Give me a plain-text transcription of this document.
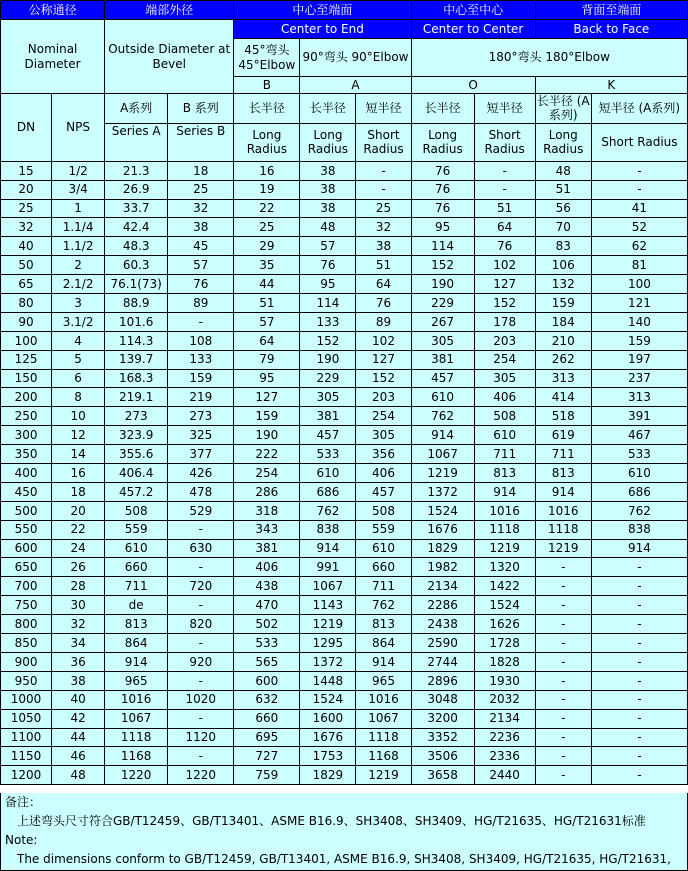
公称通径		端部外径		中心至端面			中心至中心		背面至端面	
Nominal Diameter		Outside Diameter at Bevel		Center to End			Center to Center		Back to Face	
				45°弯头 45°Elbow	90°弯头 90°Elbow		180°弯头 180°Elbow			
				B	A		O		K	
DN	NPS	A系列	B 系列	长半径	长半径	短半径	长半径	短半径	长半径 (A系列)	短半径 (A系列)
		Series A	Series B	Long Radius	Long Radius	Short Radius	Long Radius	Short Radius	Long Radius	Short Radius
15	1/2	21.3	18	16	38	-	76	-	48	-
20	3/4	26.9	25	19	38	-	76	-	51	-
25	1	33.7	32	22	38	25	76	51	56	41
32	1.1/4	42.4	38	25	48	32	95	64	70	52
40	1.1/2	48.3	45	29	57	38	114	76	83	62
50	2	60.3	57	35	76	51	152	102	106	81
65	2.1/2	76.1(73)	76	44	95	64	190	127	132	100
80	3	88.9	89	51	114	76	229	152	159	121
90	3.1/2	101.6	-	57	133	89	267	178	184	140
100	4	114.3	108	64	152	102	305	203	210	159
125	5	139.7	133	79	190	127	381	254	262	197
150	6	168.3	159	95	229	152	457	305	313	237
200	8	219.1	219	127	305	203	610	406	414	313
250	10	273	273	159	381	254	762	508	518	391
300	12	323.9	325	190	457	305	914	610	619	467
350	14	355.6	377	222	533	356	1067	711	711	533
400	16	406.4	426	254	610	406	1219	813	813	610
450	18	457.2	478	286	686	457	1372	914	914	686
500	20	508	529	318	762	508	1524	1016	1016	762
550	22	559	-	343	838	559	1676	1118	1118	838
600	24	610	630	381	914	610	1829	1219	1219	914
650	26	660	-	406	991	660	1982	1320	-	-
700	28	711	720	438	1067	711	2134	1422	-	-
750	30	de	-	470	1143	762	2286	1524	-	-
800	32	813	820	502	1219	813	2438	1626	-	-
850	34	864	-	533	1295	864	2590	1728	-	-
900	36	914	920	565	1372	914	2744	1828	-	-
950	38	965	-	600	1448	965	2896	1930	-	-
1000	40	1016	1020	632	1524	1016	3048	2032	-	-
1050	42	1067	-	660	1600	1067	3200	2134	-	-
1100	44	1118	1120	695	1676	1118	3352	2236	-	-
1150	46	1168	-	727	1753	1168	3506	2336	-	-
1200	48	1220	1220	759	1829	1219	3658	2440	-	-
备注：
上述弯头尺寸符合GB/T12459、GB/T13401、ASME B16.9、SH3408、SH3409、HG/T21635、HG/T21631标准
Note:
The dimensions conform to GB/T12459, GB/T13401, ASME B16.9, SH3408, SH3409, HG/T21635, HG/T21631,
